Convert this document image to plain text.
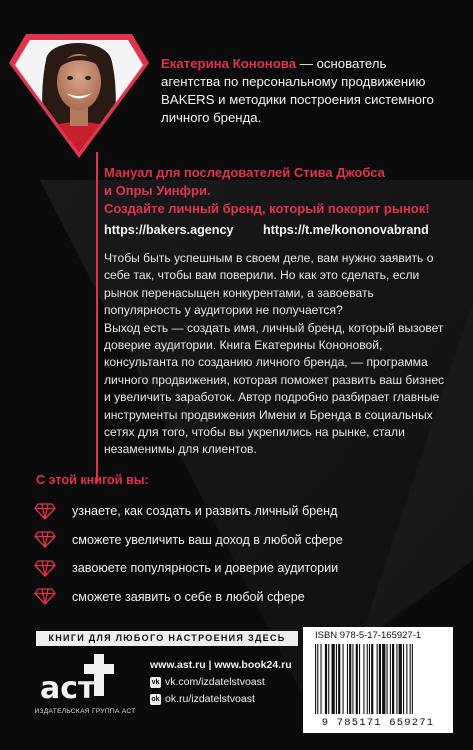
Екатерина Кононова — основатель
агентства по персональному продвижению
BAKERS и методики построения системного
личного бренда.
Мануал для последователей Стива Джобса
и Опры Уинфри.
Создайте личный бренд, который покорит рынок!
https://bakers.agency https://t.me/kononovabrand

Чтобы быть успешным в своем деле, вам нужно заявить о себе так, чтобы вам поверили. Но как это сделать, если рынок перенасыщен конкурентами, а завоевать популярность у аудитории не получается?

Выход есть — создать имя, личный бренд, который вызовет доверие аудитории. Книга Екатерины Кононовой, консультанта по созданию личного бренда, — программа личного продвижения, которая поможет развить ваш бизнес и увеличить заработок. Автор подробно разбирает главные инструменты продвижения Имени и Бренда в социальных сетях для того, чтобы вы укрепились на рынке, стали незаменимы для клиентов.

С этой книгой вы:
узнаете, как создать и развить личный бренд
сможете увеличить ваш доход в любой сфере
завоюете популярность и доверие аудитории
сможете заявить о себе в любой сфере
КНИГИ ДЛЯ ЛЮБОГО НАСТРОЕНИЯ ЗДЕСЬ
аст
ИЗДАТЕЛЬСКАЯ ГРУППА АСТ
www.ast.ru | www.book24.ru
vk vk.com/izdatelstvoast
ok ok.ru/izdatelstvoast
ISBN 978-5-17-165927-1
9 785171 659271
